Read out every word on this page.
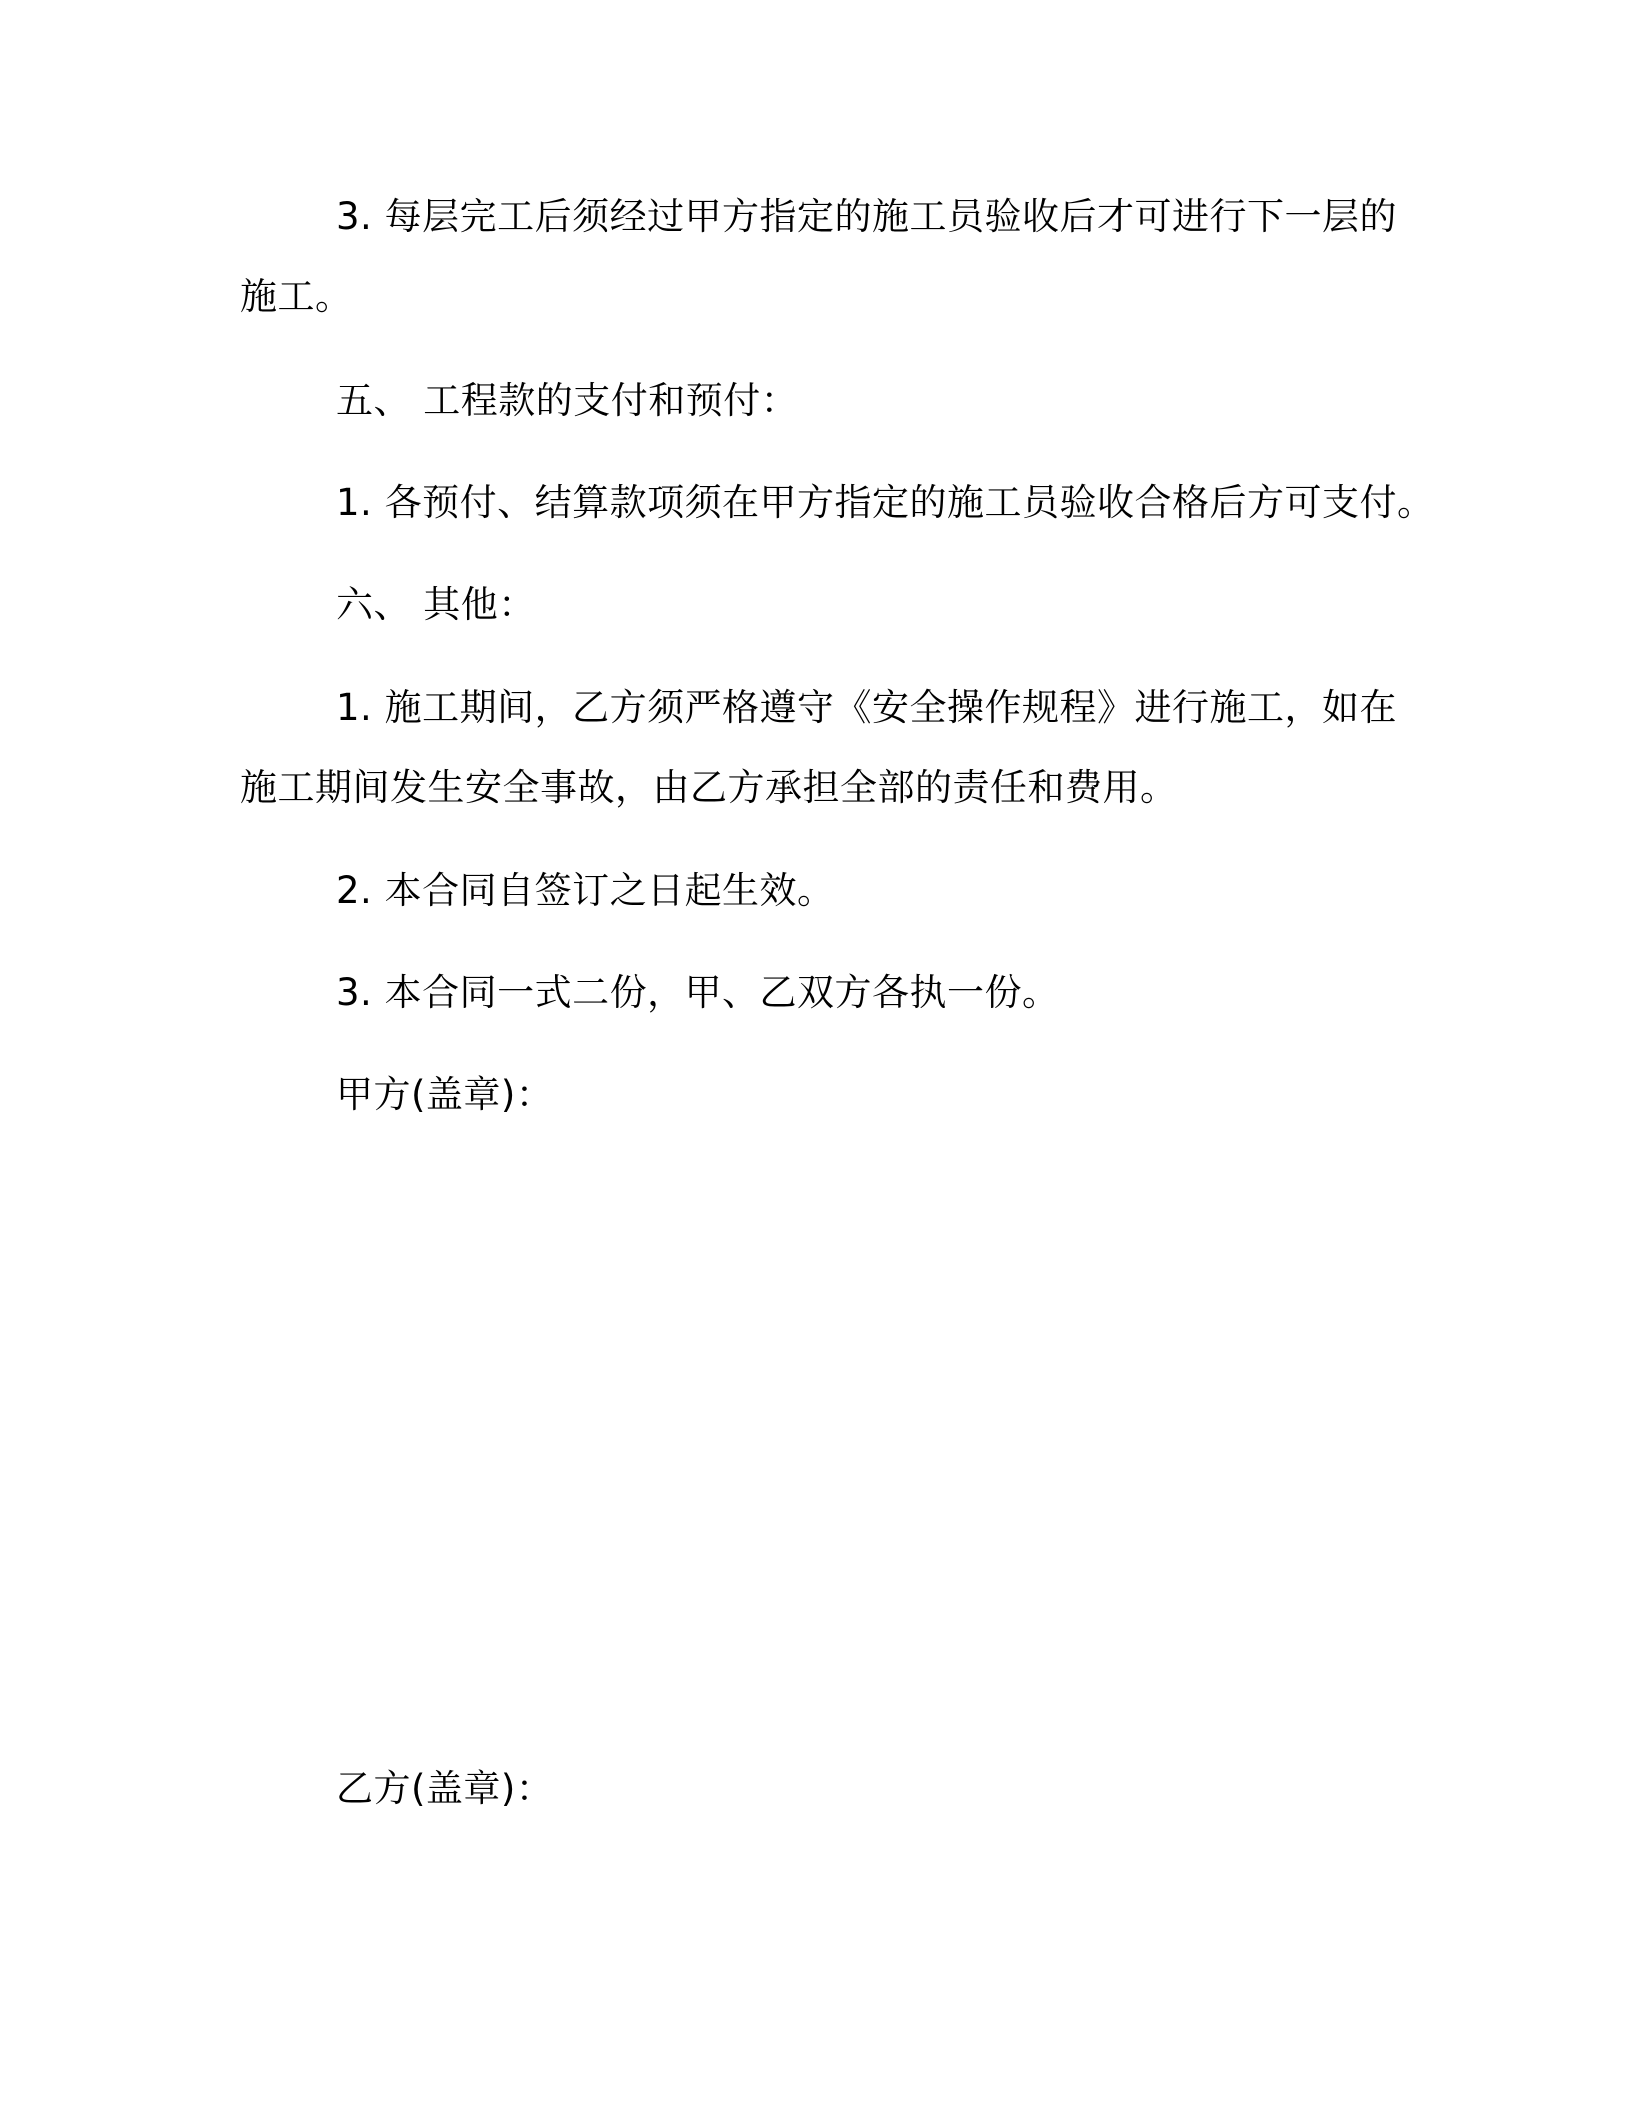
3. 每层完工后须经过甲方指定的施工员验收后才可进行下一层的施工。
五、 工程款的支付和预付：
1. 各预付、结算款项须在甲方指定的施工员验收合格后方可支付。
六、 其他：
1. 施工期间，乙方须严格遵守《安全操作规程》进行施工，如在施工期间发生安全事故，由乙方承担全部的责任和费用。
2. 本合同自签订之日起生效。
3. 本合同一式二份，甲、乙双方各执一份。
甲方(盖章)：
乙方(盖章)：
